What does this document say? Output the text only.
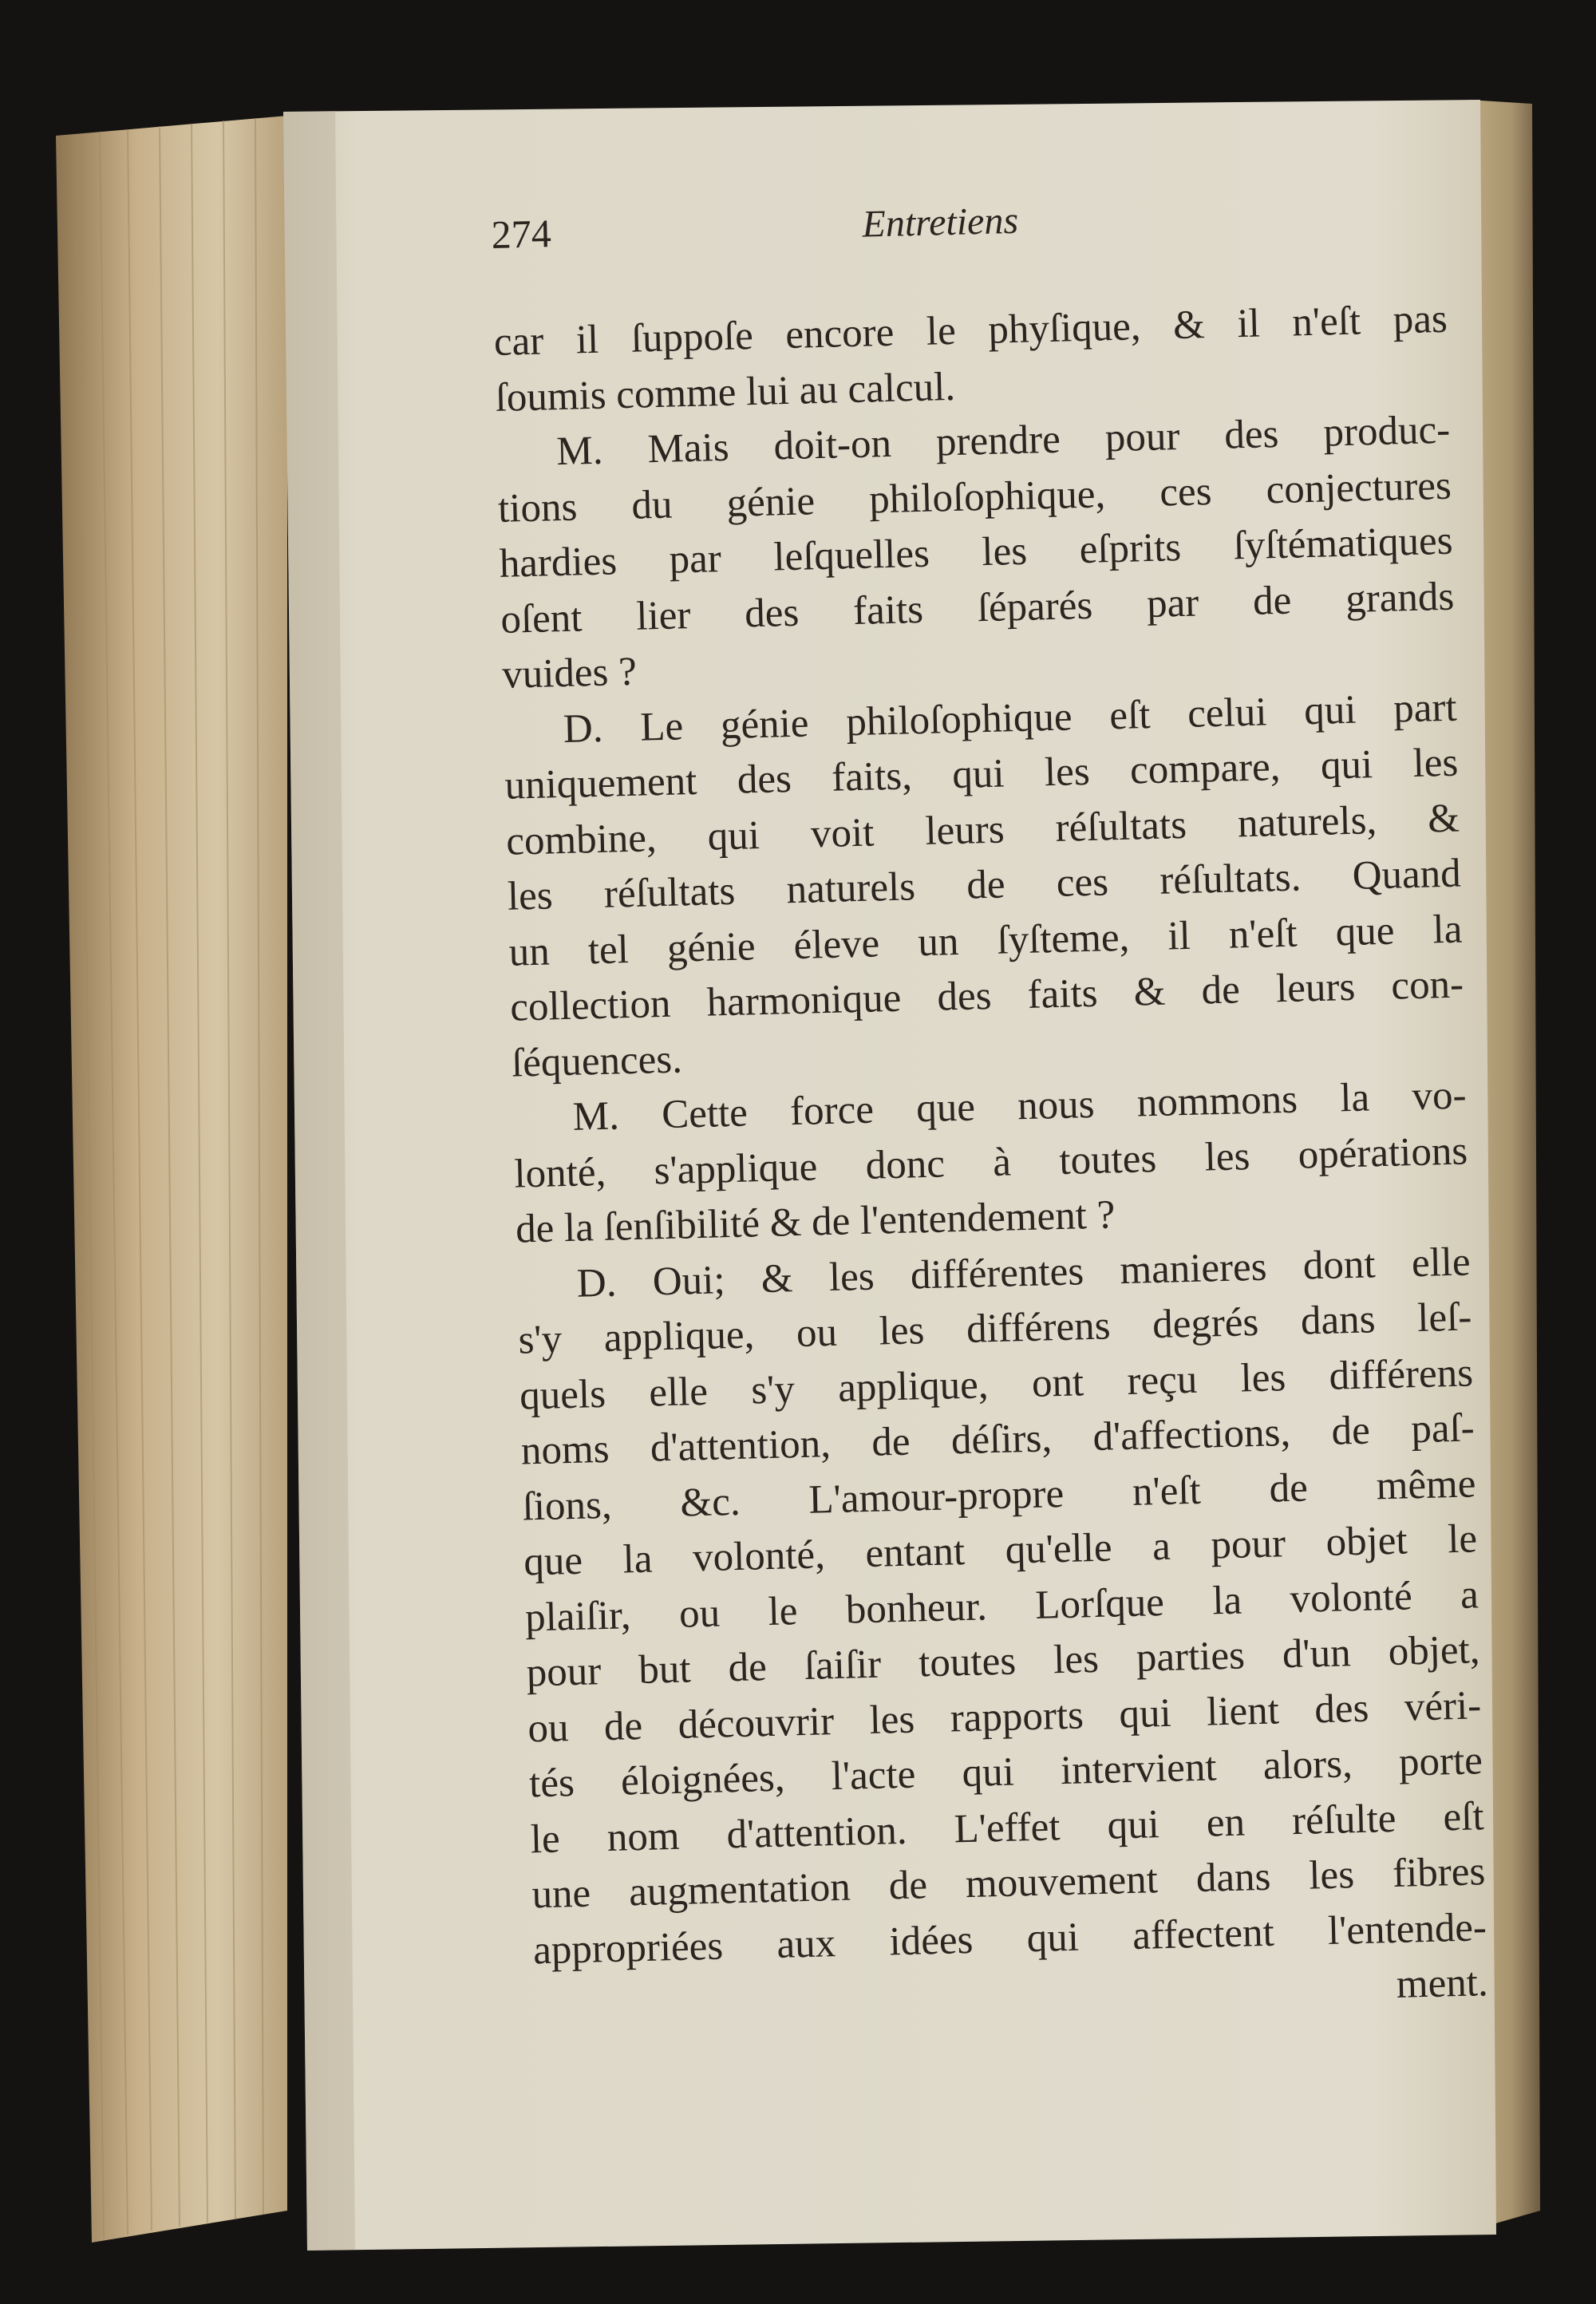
274	Entretiens
car il ſuppoſe encore le phyſique, & il n'eſt pas
ſoumis comme lui au calcul.
M. Mais doit-on prendre pour des produc-
tions du génie philoſophique, ces conjectures
hardies par leſquelles les eſprits ſyſtématiques
oſent lier des faits ſéparés par de grands
vuides ?
D. Le génie philoſophique eſt celui qui part
uniquement des faits, qui les compare, qui les
combine, qui voit leurs réſultats naturels, &
les réſultats naturels de ces réſultats. Quand
un tel génie éleve un ſyſteme, il n'eſt que la
collection harmonique des faits & de leurs con-
ſéquences.
M. Cette force que nous nommons la vo-
lonté, s'applique donc à toutes les opérations
de la ſenſibilité & de l'entendement ?
D. Oui; & les différentes manieres dont elle
s'y applique, ou les différens degrés dans leſ-
quels elle s'y applique, ont reçu les différens
noms d'attention, de déſirs, d'affections, de paſ-
ſions, &c. L'amour-propre n'eſt de même
que la volonté, entant qu'elle a pour objet le
plaiſir, ou le bonheur. Lorſque la volonté a
pour but de ſaiſir toutes les parties d'un objet,
ou de découvrir les rapports qui lient des véri-
tés éloignées, l'acte qui intervient alors, porte
le nom d'attention. L'effet qui en réſulte eſt
une augmentation de mouvement dans les fibres
appropriées aux idées qui affectent l'entende-
ment.
